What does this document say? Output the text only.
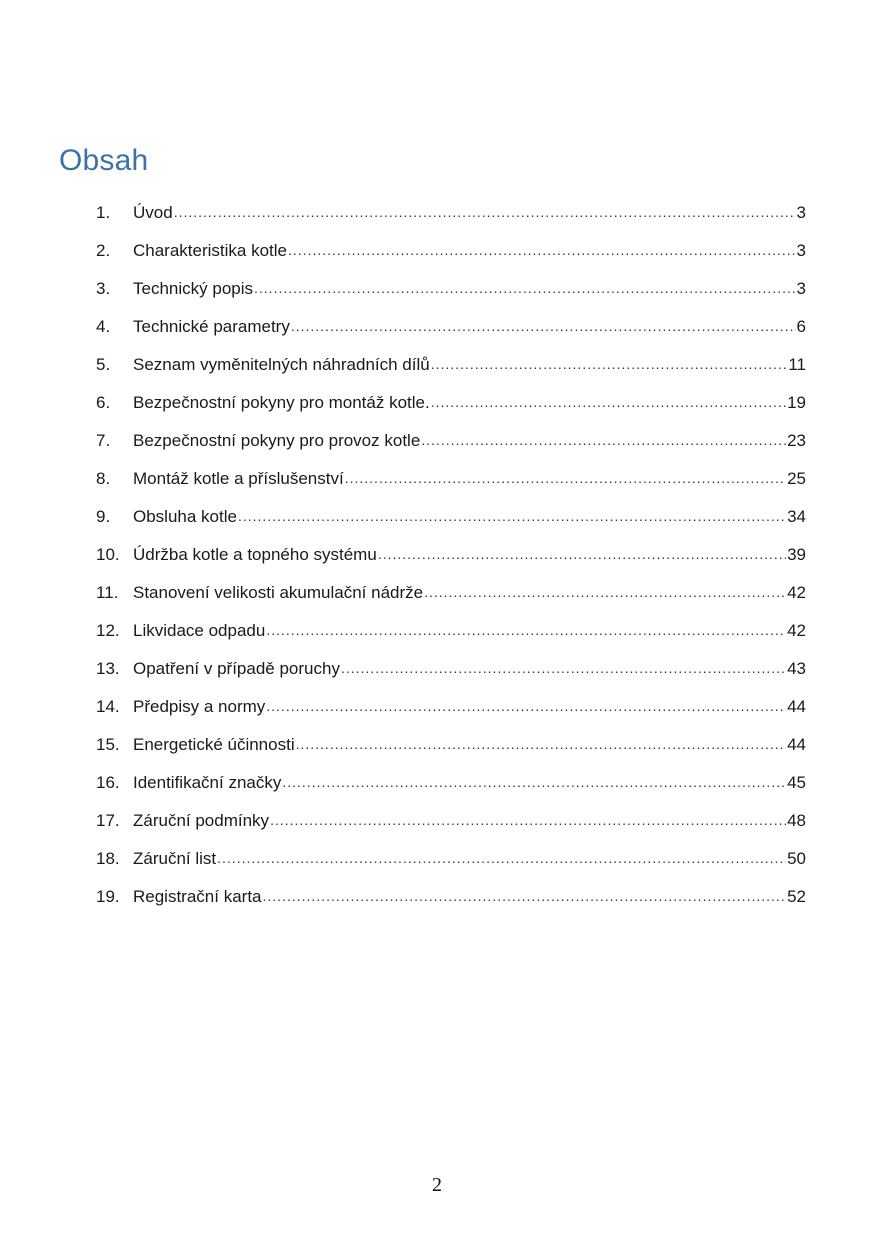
Obsah
1.	Úvod .....	3
2.	Charakteristika kotle .....	3
3.	Technický popis .....	3
4.	Technické parametry .....	6
5.	Seznam vyměnitelných náhradních dílů .....	11
6.	Bezpečnostní pokyny pro montáž kotle. .....	19
7.	Bezpečnostní pokyny pro provoz kotle .....	23
8.	Montáž kotle a příslušenství .....	25
9.	Obsluha kotle .....	34
10. Údržba kotle a topného systému .....	39
11. Stanovení velikosti akumulační nádrže .....	42
12. Likvidace odpadu .....	42
13. Opatření v případě poruchy .....	43
14. Předpisy a normy .....	44
15. Energetické účinnosti .....	44
16. Identifikační značky .....	45
17. Záruční podmínky .....	48
18. Záruční list .....	50
19. Registrační karta .....	52
2
